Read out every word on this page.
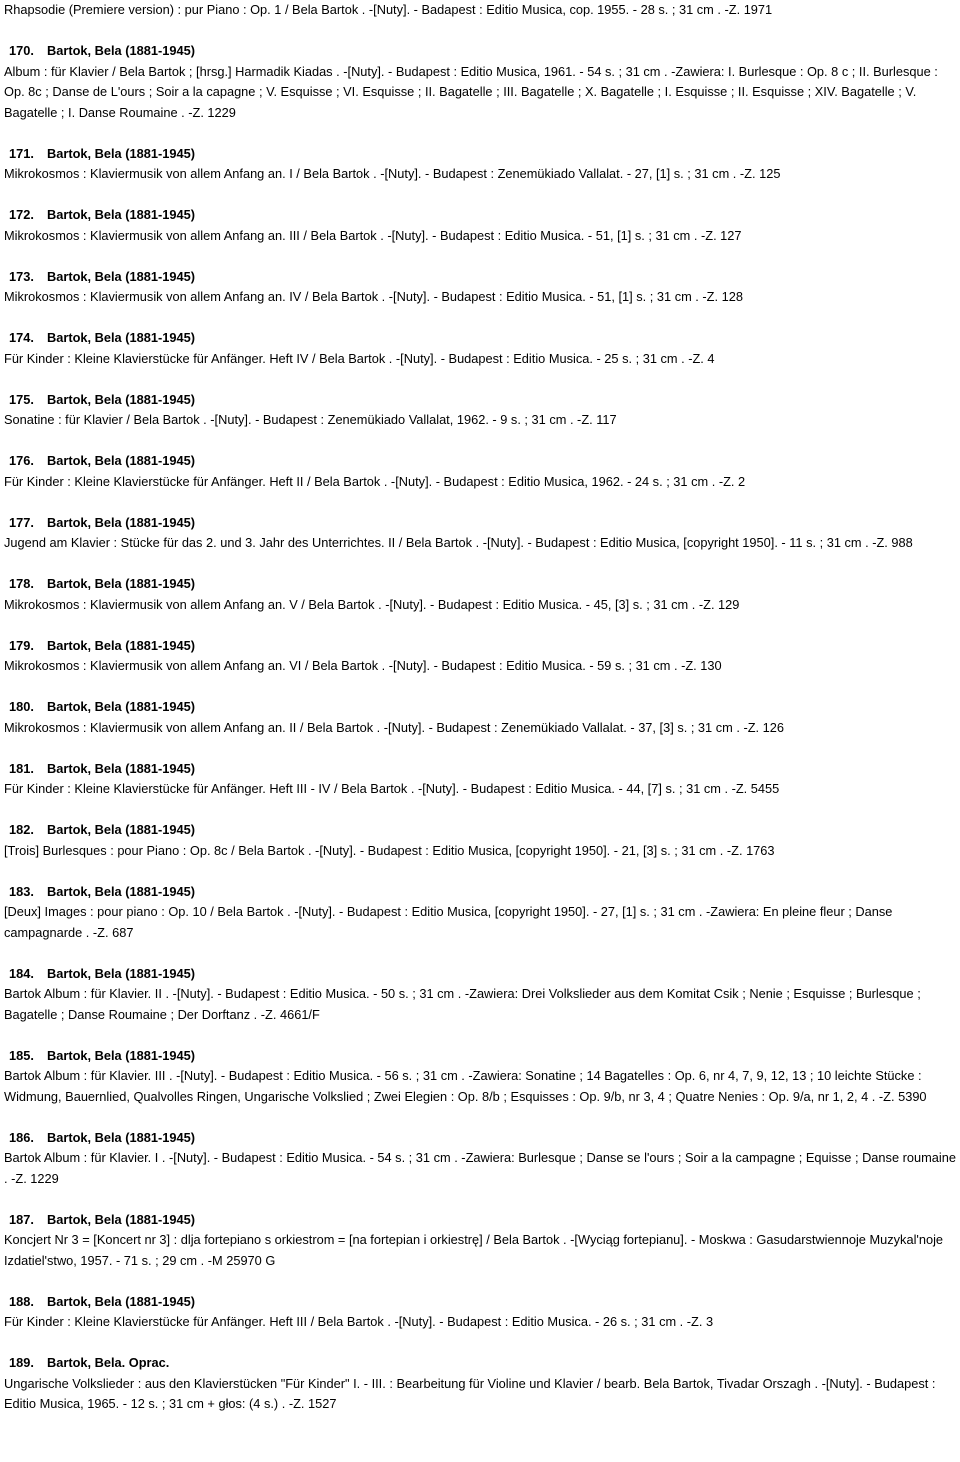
Rhapsodie (Premiere version) : pur Piano : Op. 1 / Bela Bartok . -[Nuty]. - Badapest : Editio Musica, cop. 1955. - 28 s. ; 31 cm . -Z. 1971
170. Bartok, Bela (1881-1945)
Album : für Klavier / Bela Bartok ; [hrsg.] Harmadik Kiadas . -[Nuty]. - Budapest : Editio Musica, 1961. - 54 s. ; 31 cm . -Zawiera: I. Burlesque : Op. 8 c ; II. Burlesque : Op. 8c ; Danse de L'ours ; Soir a la capagne ; V. Esquisse ; VI. Esquisse ; II. Bagatelle ; III. Bagatelle ; X. Bagatelle ; I. Esquisse ; II. Esquisse ; XIV. Bagatelle ; V. Bagatelle ; I. Danse Roumaine . -Z. 1229
171. Bartok, Bela (1881-1945)
Mikrokosmos : Klaviermusik von allem Anfang an. I / Bela Bartok . -[Nuty]. - Budapest : Zenemükiado Vallalat. - 27, [1] s. ; 31 cm . -Z. 125
172. Bartok, Bela (1881-1945)
Mikrokosmos : Klaviermusik von allem Anfang an. III / Bela Bartok . -[Nuty]. - Budapest : Editio Musica. - 51, [1] s. ; 31 cm . -Z. 127
173. Bartok, Bela (1881-1945)
Mikrokosmos : Klaviermusik von allem Anfang an. IV / Bela Bartok . -[Nuty]. - Budapest : Editio Musica. - 51, [1] s. ; 31 cm . -Z. 128
174. Bartok, Bela (1881-1945)
Für Kinder : Kleine Klavierstücke für Anfänger. Heft IV / Bela Bartok . -[Nuty]. - Budapest : Editio Musica. - 25 s. ; 31 cm . -Z. 4
175. Bartok, Bela (1881-1945)
Sonatine : für Klavier / Bela Bartok . -[Nuty]. - Budapest : Zenemükiado Vallalat, 1962. - 9 s. ; 31 cm . -Z. 117
176. Bartok, Bela (1881-1945)
Für Kinder : Kleine Klavierstücke für Anfänger. Heft II / Bela Bartok . -[Nuty]. - Budapest : Editio Musica, 1962. - 24 s. ; 31 cm . -Z. 2
177. Bartok, Bela (1881-1945)
Jugend am Klavier : Stücke für das 2. und 3. Jahr des Unterrichtes. II / Bela Bartok . -[Nuty]. - Budapest : Editio Musica, [copyright 1950]. - 11 s. ; 31 cm . -Z. 988
178. Bartok, Bela (1881-1945)
Mikrokosmos : Klaviermusik von allem Anfang an. V / Bela Bartok . -[Nuty]. - Budapest : Editio Musica. - 45, [3] s. ; 31 cm . -Z. 129
179. Bartok, Bela (1881-1945)
Mikrokosmos : Klaviermusik von allem Anfang an. VI / Bela Bartok . -[Nuty]. - Budapest : Editio Musica. - 59 s. ; 31 cm . -Z. 130
180. Bartok, Bela (1881-1945)
Mikrokosmos : Klaviermusik von allem Anfang an. II / Bela Bartok . -[Nuty]. - Budapest : Zenemükiado Vallalat. - 37, [3] s. ; 31 cm . -Z. 126
181. Bartok, Bela (1881-1945)
Für Kinder : Kleine Klavierstücke für Anfänger. Heft III - IV / Bela Bartok . -[Nuty]. - Budapest : Editio Musica. - 44, [7] s. ; 31 cm . -Z. 5455
182. Bartok, Bela (1881-1945)
[Trois] Burlesques : pour Piano : Op. 8c / Bela Bartok . -[Nuty]. - Budapest : Editio Musica, [copyright 1950]. - 21, [3] s. ; 31 cm . -Z. 1763
183. Bartok, Bela (1881-1945)
[Deux] Images : pour piano : Op. 10 / Bela Bartok . -[Nuty]. - Budapest : Editio Musica, [copyright 1950]. - 27, [1] s. ; 31 cm . -Zawiera: En pleine fleur ; Danse campagnarde . -Z. 687
184. Bartok, Bela (1881-1945)
Bartok Album : für Klavier. II . -[Nuty]. - Budapest : Editio Musica. - 50 s. ; 31 cm . -Zawiera: Drei Volkslieder aus dem Komitat Csik ; Nenie ; Esquisse ; Burlesque ; Bagatelle ; Danse Roumaine ; Der Dorftanz . -Z. 4661/F
185. Bartok, Bela (1881-1945)
Bartok Album : für Klavier. III . -[Nuty]. - Budapest : Editio Musica. - 56 s. ; 31 cm . -Zawiera: Sonatine ; 14 Bagatelles : Op. 6, nr 4, 7, 9, 12, 13 ; 10 leichte Stücke : Widmung, Bauernlied, Qualvolles Ringen, Ungarische Volkslied ; Zwei Elegien : Op. 8/b ; Esquisses : Op. 9/b, nr 3, 4 ; Quatre Nenies : Op. 9/a, nr 1, 2, 4 . -Z. 5390
186. Bartok, Bela (1881-1945)
Bartok Album : für Klavier. I . -[Nuty]. - Budapest : Editio Musica. - 54 s. ; 31 cm . -Zawiera: Burlesque ; Danse se l'ours ; Soir a la campagne ; Equisse ; Danse roumaine . -Z. 1229
187. Bartok, Bela (1881-1945)
Koncjert Nr 3 = [Koncert nr 3] : dlja fortepiano s orkiestrom = [na fortepian i orkiestrę] / Bela Bartok . -[Wyciąg fortepianu]. - Moskwa : Gasudarstwiennoje Muzykal'noje Izdatiel'stwo, 1957. - 71 s. ; 29 cm . -M 25970 G
188. Bartok, Bela (1881-1945)
Für Kinder : Kleine Klavierstücke für Anfänger. Heft III / Bela Bartok . -[Nuty]. - Budapest : Editio Musica. - 26 s. ; 31 cm . -Z. 3
189. Bartok, Bela. Oprac.
Ungarische Volkslieder : aus den Klavierstücken "Für Kinder" I. - III. : Bearbeitung für Violine und Klavier / bearb. Bela Bartok, Tivadar Orszagh . -[Nuty]. - Budapest : Editio Musica, 1965. - 12 s. ; 31 cm + głos: (4 s.) . -Z. 1527
